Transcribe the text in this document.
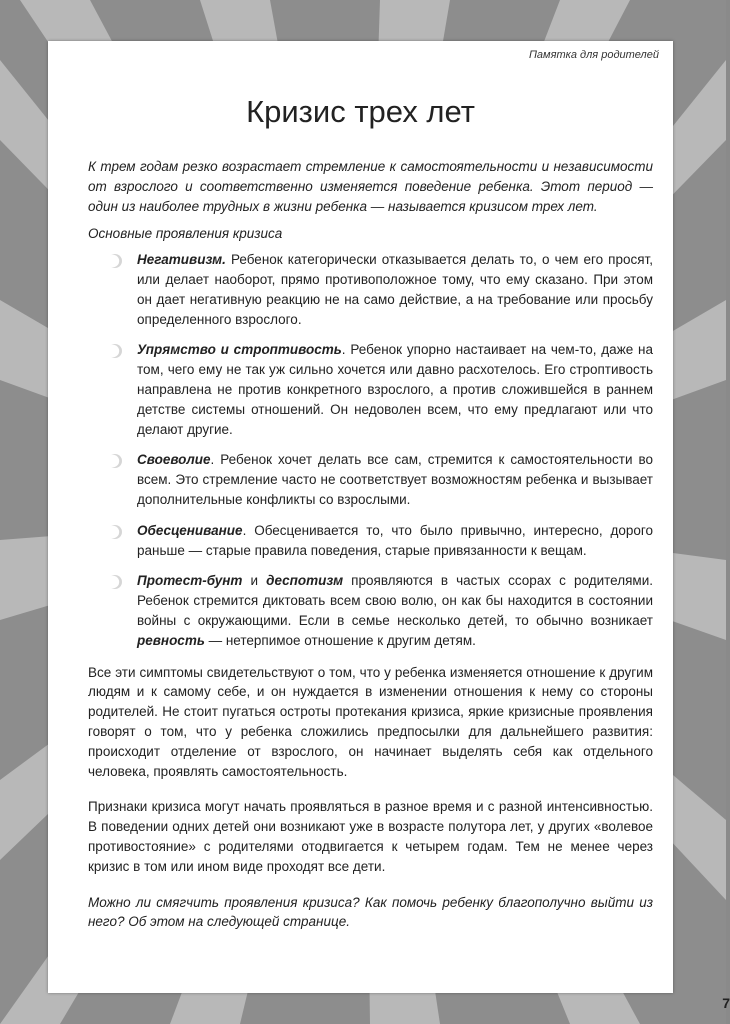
Памятка для родителей
Кризис трех лет

К трем годам резко возрастает стремление к самостоятельности и независимости от взрослого и соответственно изменяется поведение ребенка. Этот период — один из наиболее трудных в жизни ребенка — называется кризисом трех лет.

Основные проявления кризиса

Негативизм. Ребенок категорически отказывается делать то, о чем его просят, или делает наоборот, прямо противоположное тому, что ему сказано. При этом он дает негативную реакцию не на само действие, а на требование или просьбу определенного взрослого.
Упрямство и строптивость. Ребенок упорно настаивает на чем-то, даже на том, чего ему не так уж сильно хочется или давно расхотелось. Его строптивость направлена не против конкретного взрослого, а против сложившейся в раннем детстве системы отношений. Он недоволен всем, что ему предлагают или что делают другие.
Своеволие. Ребенок хочет делать все сам, стремится к самостоятельности во всем. Это стремление часто не соответствует возможностям ребенка и вызывает дополнительные конфликты со взрослыми.
Обесценивание. Обесценивается то, что было привычно, интересно, дорого раньше — старые правила поведения, старые привязанности к вещам.
Протест-бунт и деспотизм проявляются в частых ссорах с родителями. Ребенок стремится диктовать всем свою волю, он как бы находится в состоянии войны с окружающими. Если в семье несколько детей, то обычно возникает ревность — нетерпимое отношение к другим детям.

Все эти симптомы свидетельствуют о том, что у ребенка изменяется отношение к другим людям и к самому себе, и он нуждается в изменении отношения к нему со стороны родителей. Не стоит пугаться остроты протекания кризиса, яркие кризисные проявления говорят о том, что у ребенка сложились предпосылки для дальнейшего развития: происходит отделение от взрослого, он начинает выделять себя как отдельного человека, проявлять самостоятельность.

Признаки кризиса могут начать проявляться в разное время и с разной интенсивностью. В поведении одних детей они возникают уже в возрасте полутора лет, у других «волевое противостояние» с родителями отодвигается к четырем годам. Тем не менее через кризис в том или ином виде проходят все дети.

Можно ли смягчить проявления кризиса? Как помочь ребенку благополучно выйти из него? Об этом на следующей странице.

7
